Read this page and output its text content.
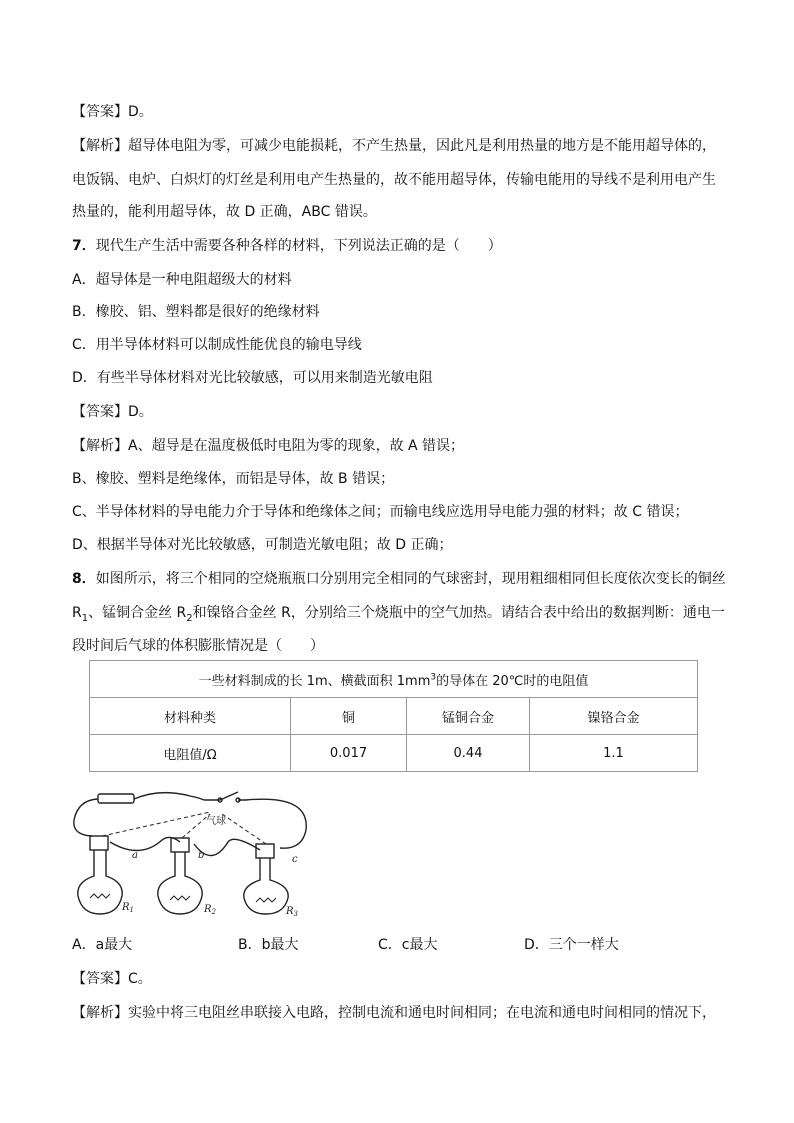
【答案】D。
【解析】超导体电阻为零，可减少电能损耗，不产生热量，因此凡是利用热量的地方是不能用超导体的，
电饭锅、电炉、白炽灯的灯丝是利用电产生热量的，故不能用超导体，传输电能用的导线不是利用电产生
热量的，能利用超导体，故 D 正确，ABC 错误。
7．现代生产生活中需要各种各样的材料，下列说法正确的是（　　）
A．超导体是一种电阻超级大的材料
B．橡胶、铝、塑料都是很好的绝缘材料
C．用半导体材料可以制成性能优良的输电导线
D．有些半导体材料对光比较敏感，可以用来制造光敏电阻
【答案】D。
【解析】A、超导是在温度极低时电阻为零的现象，故 A 错误；
B、橡胶、塑料是绝缘体，而铝是导体，故 B 错误；
C、半导体材料的导电能力介于导体和绝缘体之间；而输电线应选用导电能力强的材料；故 C 错误；
D、根据半导体对光比较敏感，可制造光敏电阻；故 D 正确；
8．如图所示，将三个相同的空烧瓶瓶口分别用完全相同的气球密封，现用粗细相同但长度依次变长的铜丝
$R_1$、锰铜合金丝 $R_2$和镍铬合金丝 R，分别给三个烧瓶中的空气加热。请结合表中给出的数据判断：通电一
段时间后气球的体积膨胀情况是（　　）
一些材料制成的长 1m、横截面积 $1mm^3$的导体在 20℃时的电阻值			
材料种类	铜	锰铜合金	镍铬合金
电阻值/Ω	0.017	0.44	1.1
气球
a	b	c
$R_1$	$R_2$	$R_3$
A．a最大	B．b最大	C．c最大	D．三个一样大
【答案】C。
【解析】实验中将三电阻丝串联接入电路，控制电流和通电时间相同；在电流和通电时间相同的情况下，
